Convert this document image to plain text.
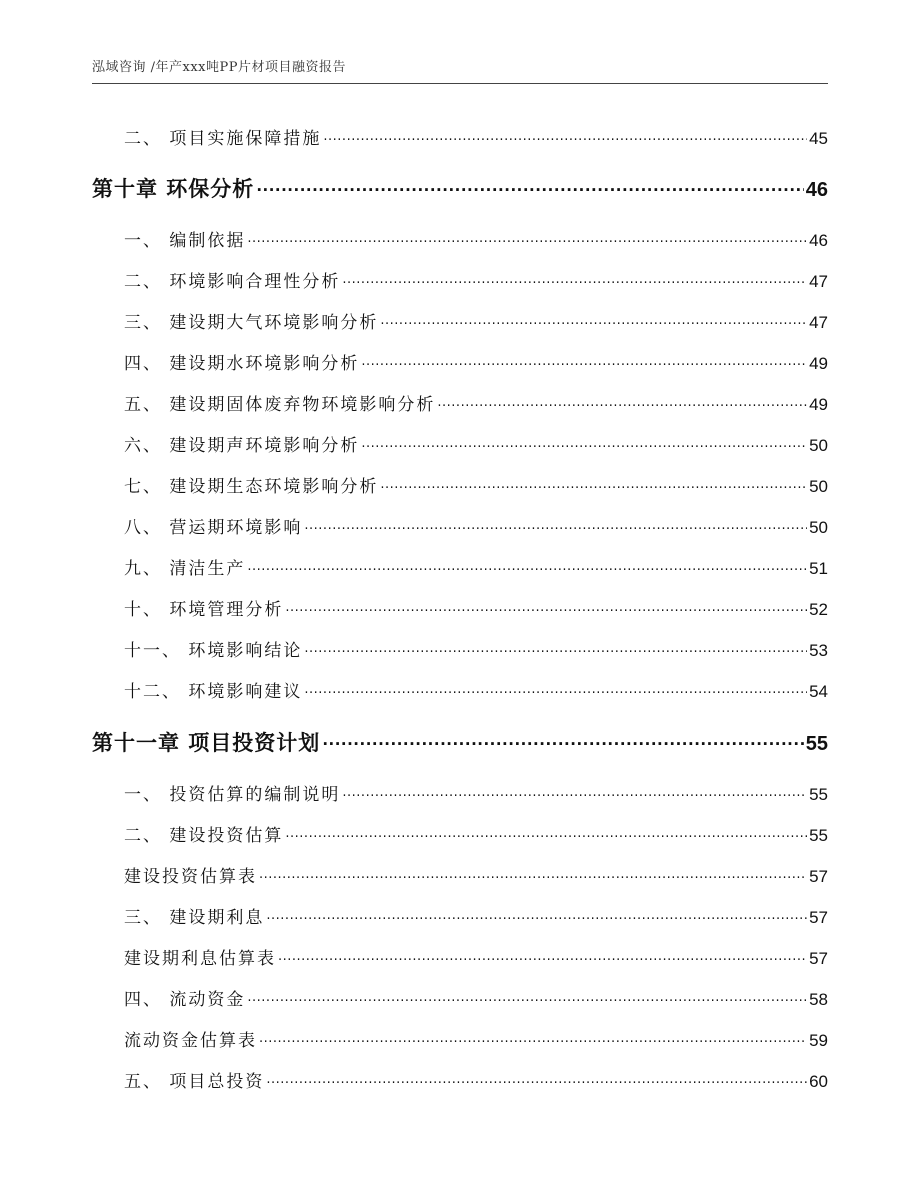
泓域咨询 /年产xxx吨PP片材项目融资报告
二、 项目实施保障措施 .....	45
第十章 环保分析 .....	46
一、 编制依据 .....	46
二、 环境影响合理性分析 .....	47
三、 建设期大气环境影响分析 .....	47
四、 建设期水环境影响分析 .....	49
五、 建设期固体废弃物环境影响分析 .....	49
六、 建设期声环境影响分析 .....	50
七、 建设期生态环境影响分析 .....	50
八、 营运期环境影响 .....	50
九、 清洁生产 .....	51
十、 环境管理分析 .....	52
十一、 环境影响结论 .....	53
十二、 环境影响建议 .....	54
第十一章 项目投资计划 .....	55
一、 投资估算的编制说明 .....	55
二、 建设投资估算 .....	55
建设投资估算表 .....	57
三、 建设期利息 .....	57
建设期利息估算表 .....	57
四、 流动资金 .....	58
流动资金估算表 .....	59
五、 项目总投资 .....	60
